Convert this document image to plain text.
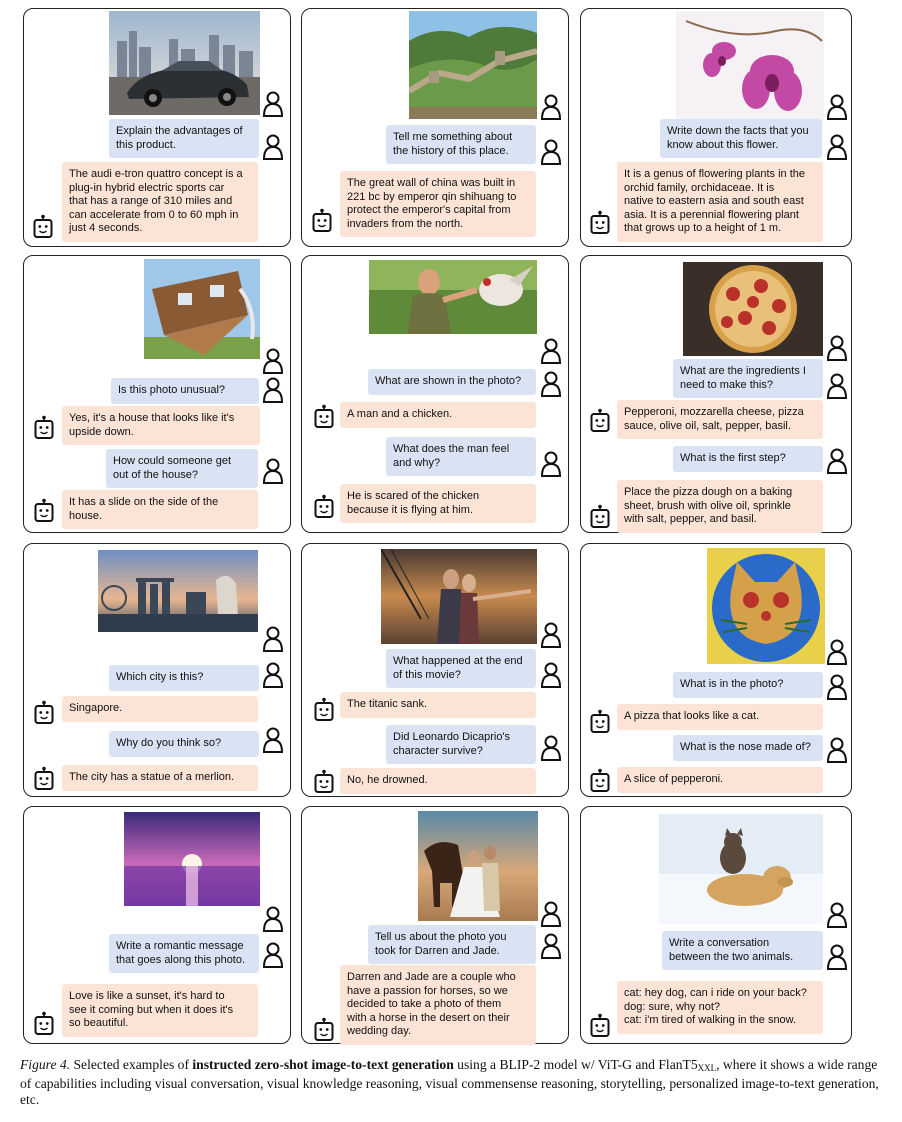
Explain the advantages of
this product.
The audi e-tron quattro concept is a
plug-in hybrid electric sports car
that has a range of 310 miles and
can accelerate from 0 to 60 mph in
just 4 seconds.
Tell me something about
the history of this place.
The great wall of china was built in
221 bc by emperor qin shihuang to
protect the emperor's capital from
invaders from the north.
Write down the facts that you
know about this flower.
It is a genus of flowering plants in the
orchid family, orchidaceae. It is
native to eastern asia and south east
asia. It is a perennial flowering plant
that grows up to a height of 1 m.
Is this photo unusual?
Yes, it's a house that looks like it's
upside down.
How could someone get
out of the house?
It has a slide on the side of the
house.
What are shown in the photo?
A man and a chicken.
What does the man feel
and why?
He is scared of the chicken
because it is flying at him.
What are the ingredients I
need to make this?
Pepperoni, mozzarella cheese, pizza
sauce, olive oil, salt, pepper, basil.
What is the first step?
Place the pizza dough on a baking
sheet, brush with olive oil, sprinkle
with salt, pepper, and basil.
Which city is this?
Singapore.
Why do you think so?
The city has a statue of a merlion.
What happened at the end
of this movie?
The titanic sank.
Did Leonardo Dicaprio's
character survive?
No, he drowned.
What is in the photo?
A pizza that looks like a cat.
What is the nose made of?
A slice of pepperoni.
Write a romantic message
that goes along this photo.
Love is like a sunset, it's hard to
see it coming but when it does it's
so beautiful.
Tell us about the photo you
took for Darren and Jade.
Darren and Jade are a couple who
have a passion for horses, so we
decided to take a photo of them
with a horse in the desert on their
wedding day.
Write a conversation
between the two animals.
cat: hey dog, can i ride on your back?
dog: sure, why not?
cat: i'm tired of walking in the snow.

Figure 4. Selected examples of instructed zero-shot image-to-text generation using a BLIP-2 model w/ ViT-G and $FlanT5_{XXL}$, where it shows a wide range of capabilities including visual conversation, visual knowledge reasoning, visual commensense reasoning, storytelling, personalized image-to-text generation, etc.
